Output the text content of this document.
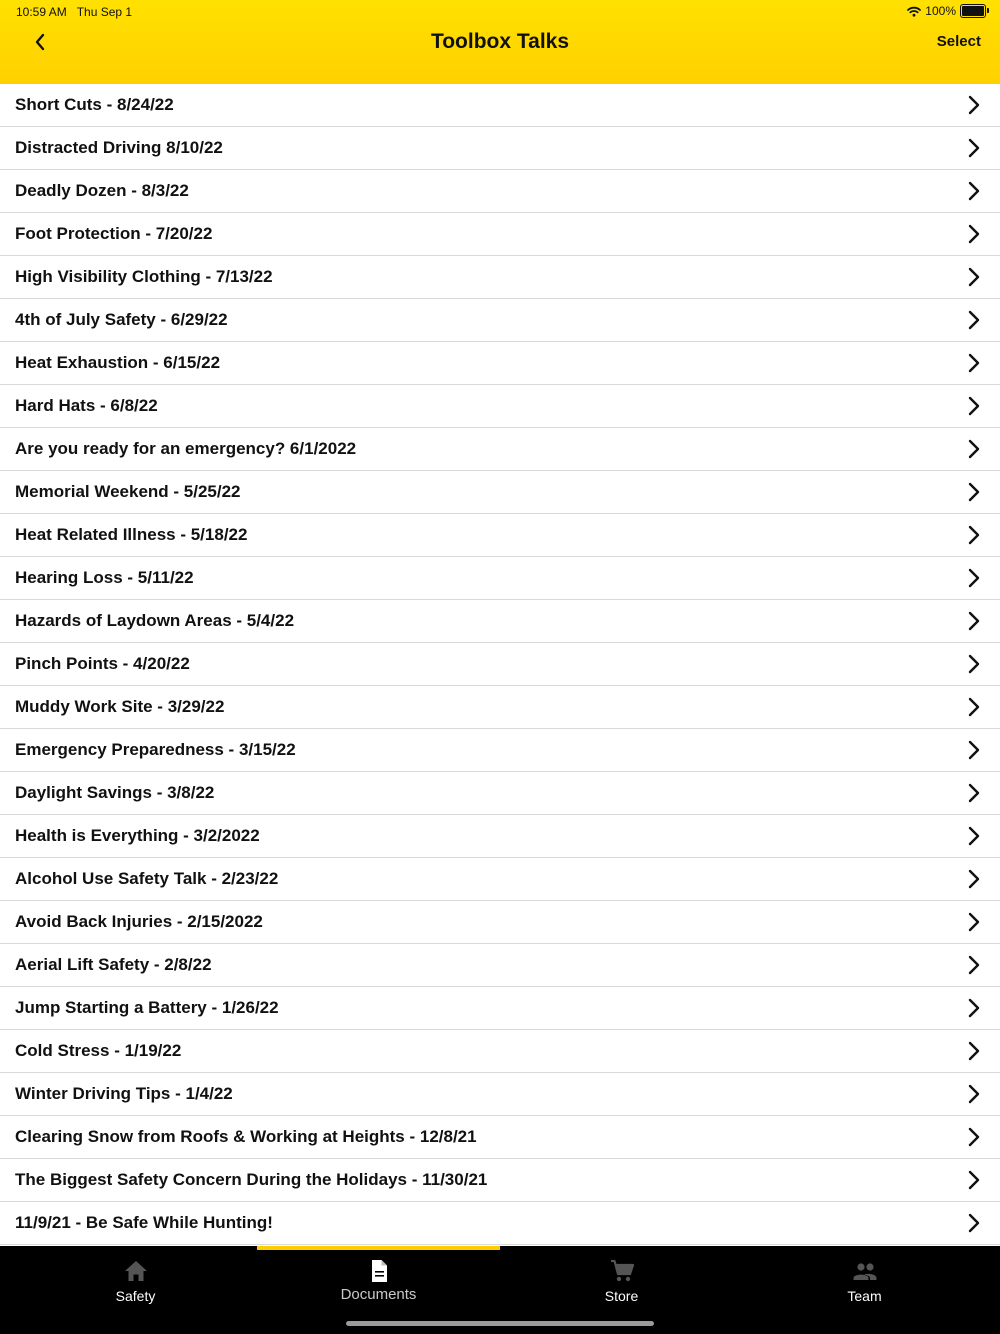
10:59 AM Thu Sep 1	100%
Toolbox Talks	Select
Short Cuts - 8/24/22
Distracted Driving 8/10/22
Deadly Dozen - 8/3/22
Foot Protection - 7/20/22
High Visibility Clothing - 7/13/22
4th of July Safety - 6/29/22
Heat Exhaustion - 6/15/22
Hard Hats - 6/8/22
Are you ready for an emergency? 6/1/2022
Memorial Weekend - 5/25/22
Heat Related Illness - 5/18/22
Hearing Loss - 5/11/22
Hazards of Laydown Areas - 5/4/22
Pinch Points - 4/20/22
Muddy Work Site - 3/29/22
Emergency Preparedness - 3/15/22
Daylight Savings - 3/8/22
Health is Everything - 3/2/2022
Alcohol Use Safety Talk - 2/23/22
Avoid Back Injuries - 2/15/2022
Aerial Lift Safety - 2/8/22
Jump Starting a Battery - 1/26/22
Cold Stress - 1/19/22
Winter Driving Tips - 1/4/22
Clearing Snow from Roofs & Working at Heights - 12/8/21
The Biggest Safety Concern During the Holidays - 11/30/21
11/9/21 - Be Safe While Hunting!
Safety	Documents	Store	Team
